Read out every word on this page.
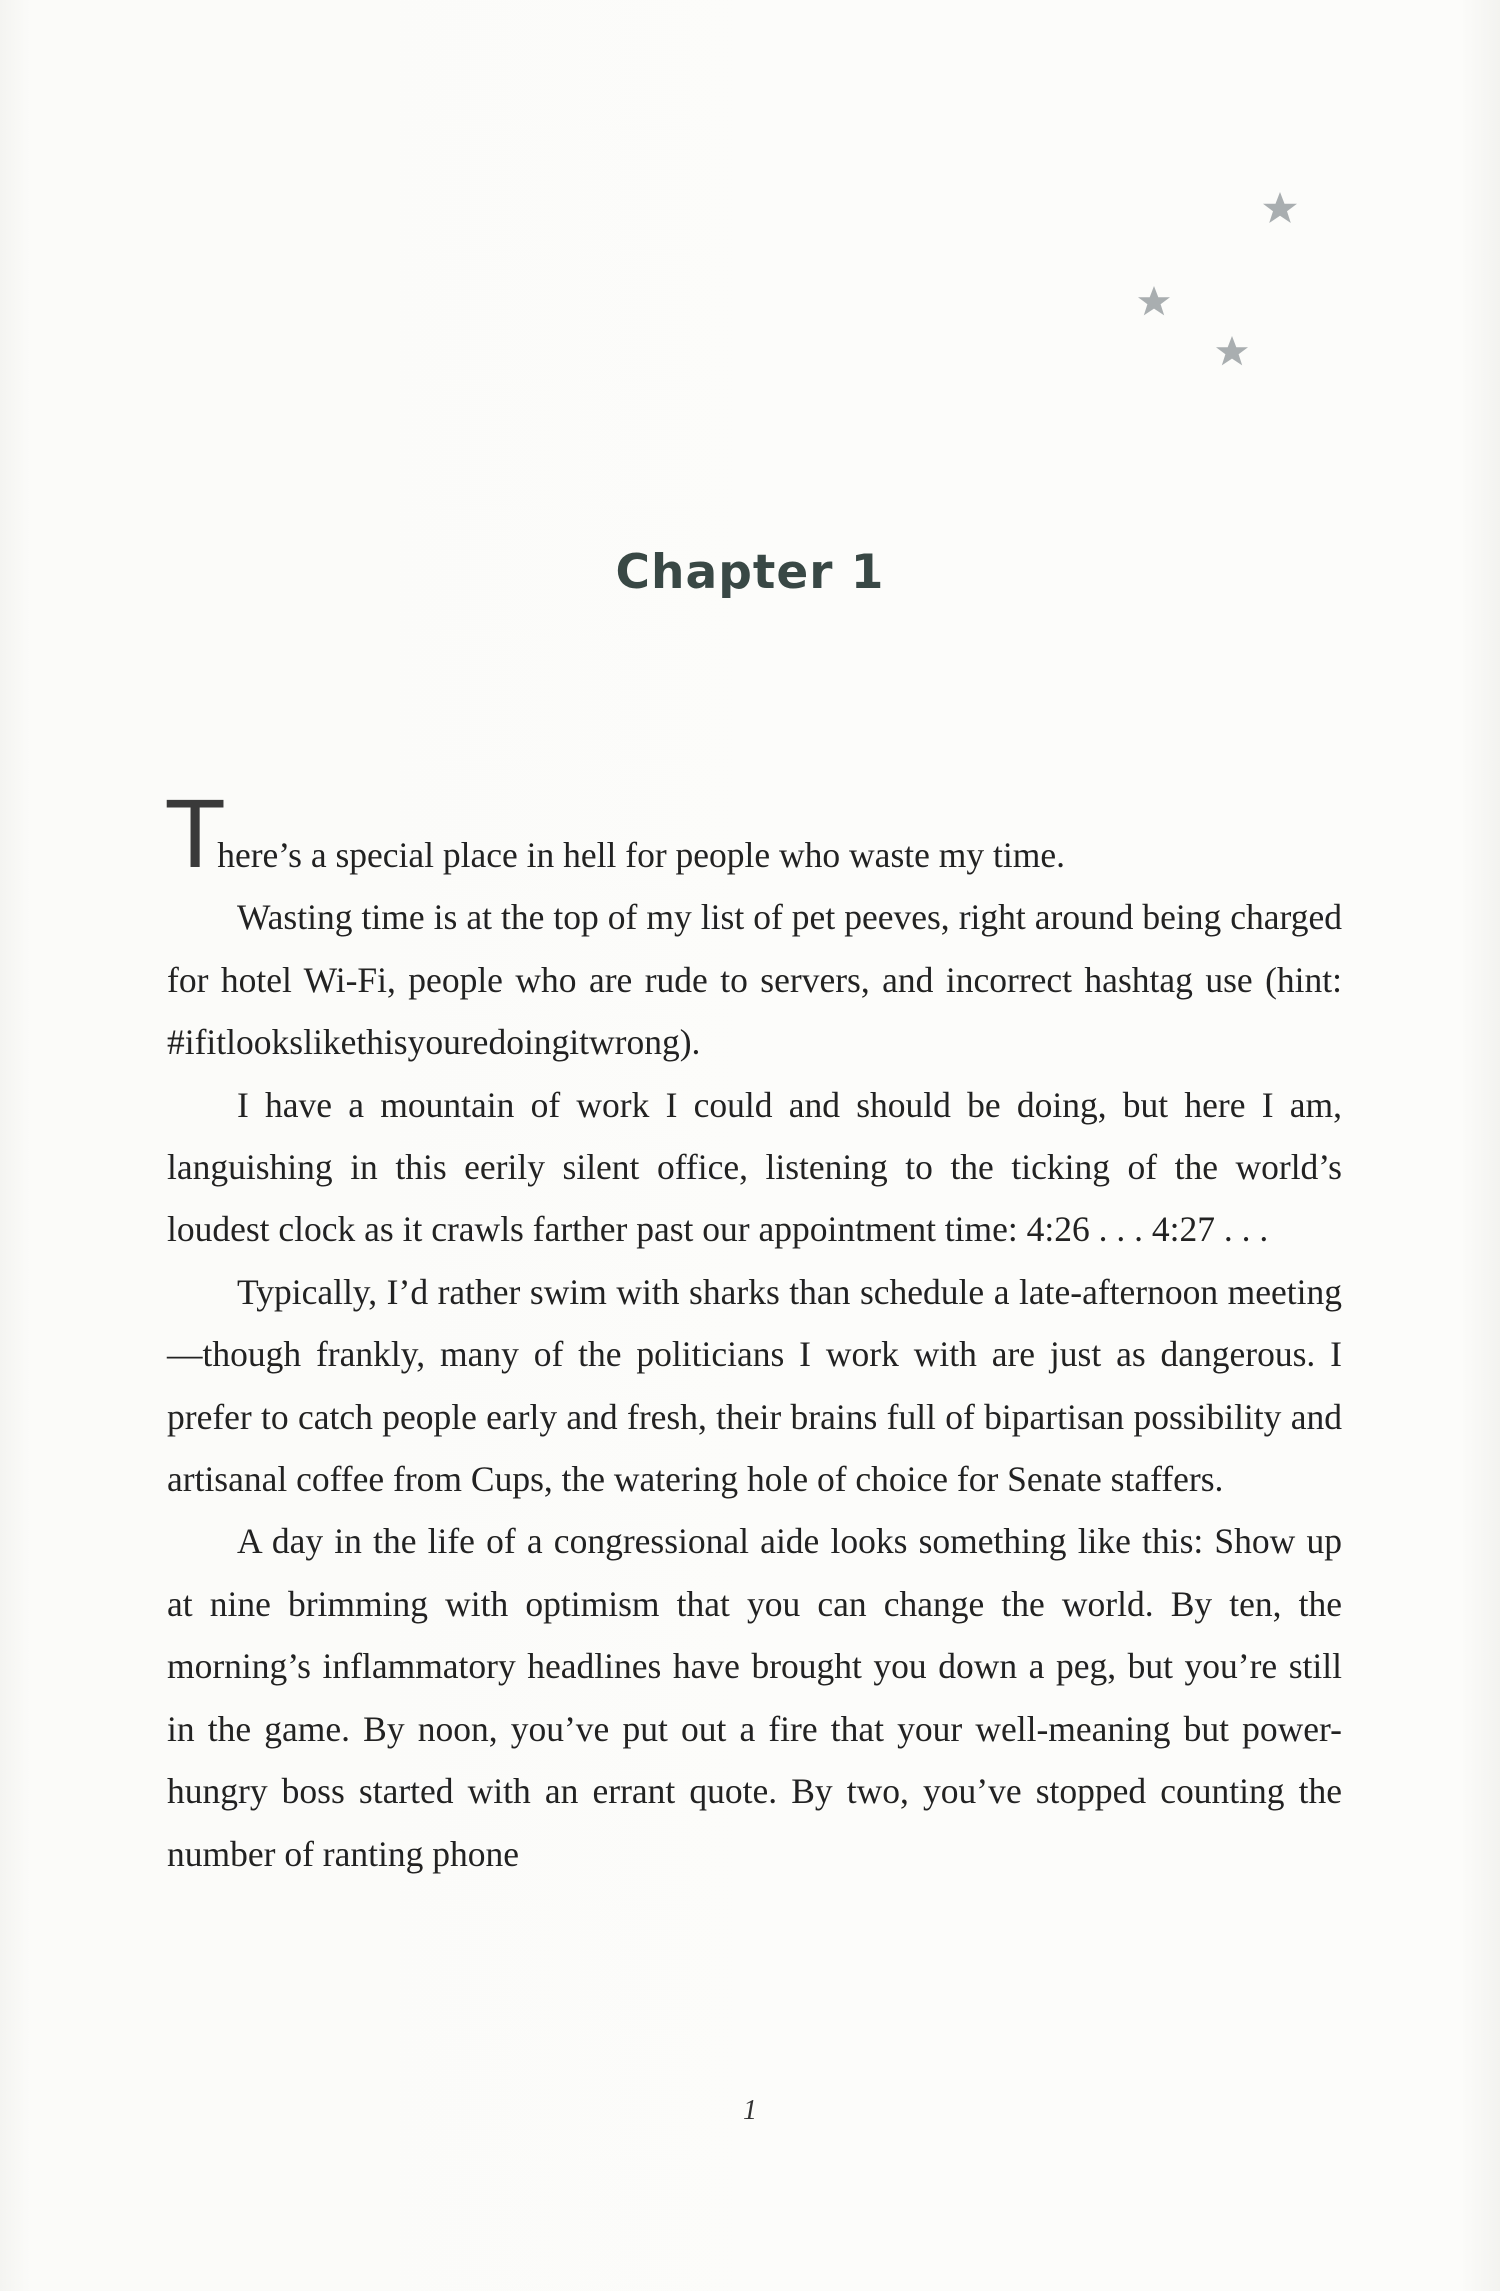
Chapter 1

There’s a special place in hell for people who waste my time.

Wasting time is at the top of my list of pet peeves, right around being charged for hotel Wi-Fi, people who are rude to servers, and incorrect hashtag use (hint: #ifitlookslikethisyouredoingitwrong).

I have a mountain of work I could and should be doing, but here I am, languishing in this eerily silent office, listening to the ticking of the world’s loudest clock as it crawls farther past our appointment time: 4:26 . . . 4:27 . . .

Typically, I’d rather swim with sharks than schedule a late-afternoon meeting—though frankly, many of the politicians I work with are just as dangerous. I prefer to catch people early and fresh, their brains full of bipartisan possibility and artisanal coffee from Cups, the watering hole of choice for Senate staffers.

A day in the life of a congressional aide looks something like this: Show up at nine brimming with optimism that you can change the world. By ten, the morning’s inflammatory headlines have brought you down a peg, but you’re still in the game. By noon, you’ve put out a fire that your well-meaning but power-hungry boss started with an errant quote. By two, you’ve stopped counting the number of ranting phone

1
